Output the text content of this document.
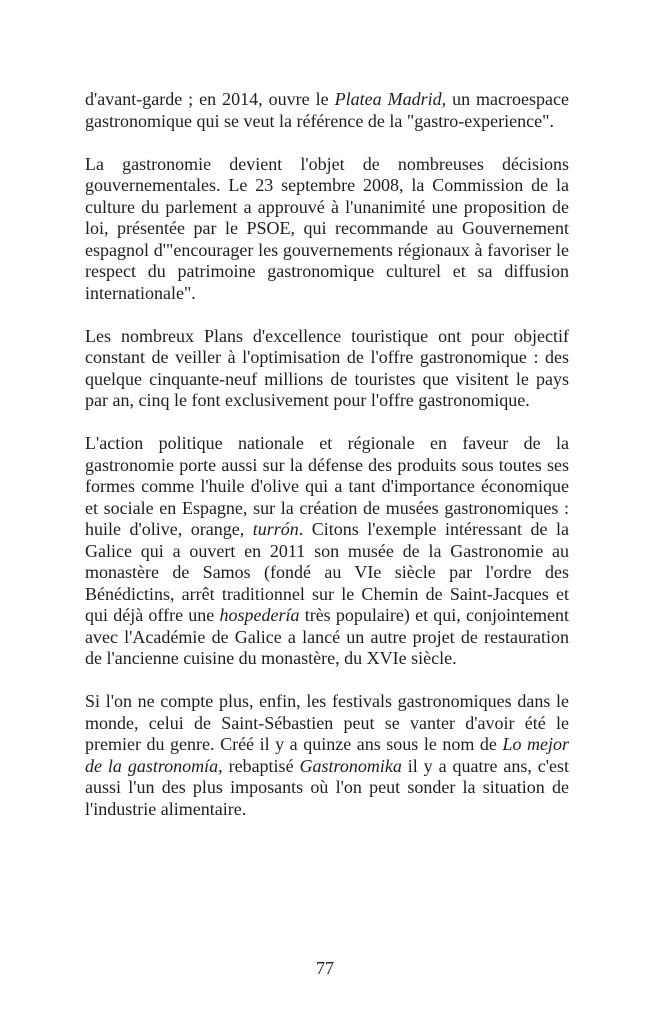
d'avant-garde ; en 2014, ouvre le Platea Madrid, un macroespace gastronomique qui se veut la référence de la "gastro-experience".

La gastronomie devient l'objet de nombreuses décisions gouvernementales. Le 23 septembre 2008, la Commission de la culture du parlement a approuvé à l'unanimité une proposition de loi, présentée par le PSOE, qui recommande au Gouvernement espagnol d'"encourager les gouvernements régionaux à favoriser le respect du patrimoine gastronomique culturel et sa diffusion internationale".

Les nombreux Plans d'excellence touristique ont pour objectif constant de veiller à l'optimisation de l'offre gastronomique : des quelque cinquante-neuf millions de touristes que visitent le pays par an, cinq le font exclusivement pour l'offre gastronomique.

L'action politique nationale et régionale en faveur de la gastronomie porte aussi sur la défense des produits sous toutes ses formes comme l'huile d'olive qui a tant d'importance économique et sociale en Espagne, sur la création de musées gastronomiques : huile d'olive, orange, turrón. Citons l'exemple intéressant de la Galice qui a ouvert en 2011 son musée de la Gastronomie au monastère de Samos (fondé au VIe siècle par l'ordre des Bénédictins, arrêt traditionnel sur le Chemin de Saint-Jacques et qui déjà offre une hospedería très populaire) et qui, conjointement avec l'Académie de Galice a lancé un autre projet de restauration de l'ancienne cuisine du monastère, du XVIe siècle.

Si l'on ne compte plus, enfin, les festivals gastronomiques dans le monde, celui de Saint-Sébastien peut se vanter d'avoir été le premier du genre. Créé il y a quinze ans sous le nom de Lo mejor de la gastronomía, rebaptisé Gastronomika il y a quatre ans, c'est aussi l'un des plus imposants où l'on peut sonder la situation de l'industrie alimentaire.

77
